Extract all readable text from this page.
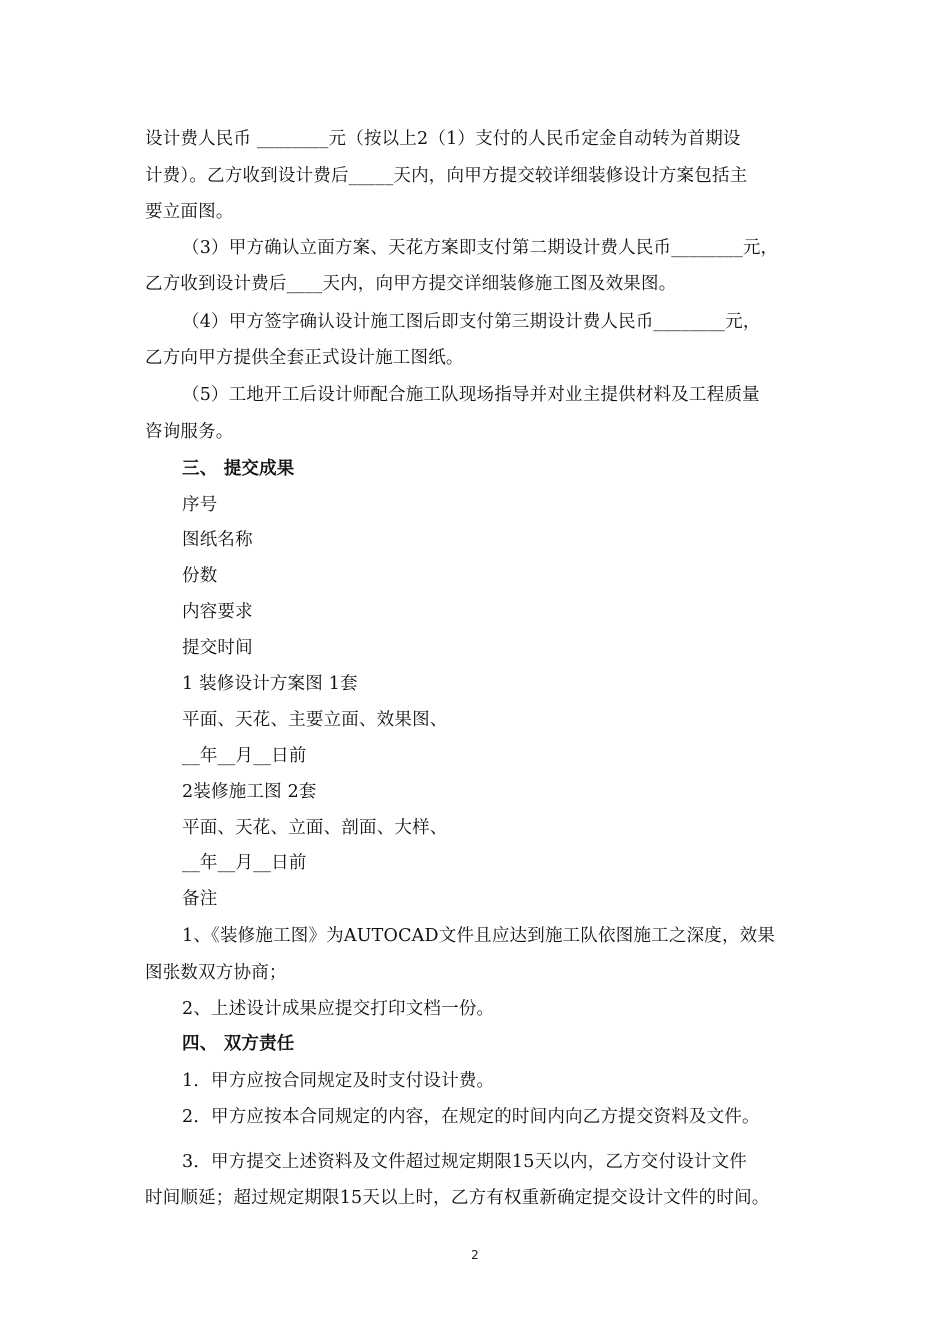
设计费人民币 ________元（按以上2（1）支付的人民币定金自动转为首期设
计费）。乙方收到设计费后_____天内，向甲方提交较详细装修设计方案包括主
要立面图。
（3）甲方确认立面方案、天花方案即支付第二期设计费人民币________元，
乙方收到设计费后____天内，向甲方提交详细装修施工图及效果图。
（4）甲方签字确认设计施工图后即支付第三期设计费人民币________元，
乙方向甲方提供全套正式设计施工图纸。
（5）工地开工后设计师配合施工队现场指导并对业主提供材料及工程质量
咨询服务。
三、 提交成果
序号
图纸名称
份数
内容要求
提交时间
1 装修设计方案图 1套
平面、天花、主要立面、效果图、
__年__月__日前
2装修施工图 2套
平面、天花、立面、剖面、大样、
__年__月__日前
备注
1、《装修施工图》为AUTOCAD文件且应达到施工队依图施工之深度，效果
图张数双方协商；
2、上述设计成果应提交打印文档一份。
四、 双方责任
1．甲方应按合同规定及时支付设计费。
2．甲方应按本合同规定的内容，在规定的时间内向乙方提交资料及文件。
3．甲方提交上述资料及文件超过规定期限15天以内，乙方交付设计文件
时间顺延；超过规定期限15天以上时，乙方有权重新确定提交设计文件的时间。
2
